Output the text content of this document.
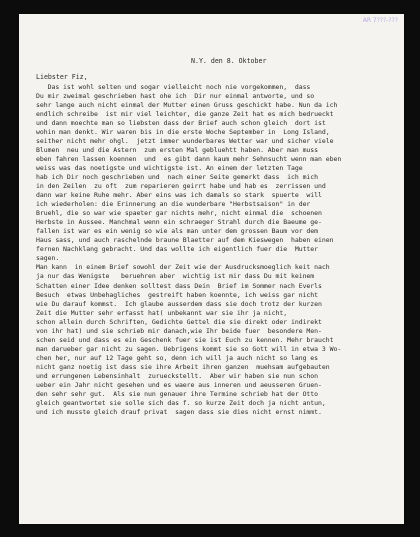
AR 7???-???
N.Y. den 8. Oktober
Liebster Fiz,
Das ist wohl selten und sogar vielleicht noch nie vorgekommen,  dass
Du mir zweimal geschrieben hast ohe ich  Dir nur einmal antworte, und so
sehr lange auch nicht einmal der Mutter einen Gruss geschickt habe. Nun da ich
endlich schreibe  ist mir viel leichter, die ganze Zeit hat es mich bedrueckt
und dann moechte man so liebsten dass der Brief auch schon gleich  dort ist
wohin man denkt. Wir waren bis in die erste Woche September in  Long Island,
seither nicht mehr ohgl.  jetzt immer wunderbares Wetter war und sicher viele
Blumen  neu und die Astern  zum ersten Mal gebluehtt haben. Aber man muss
eben fahren lassen koennen  und  es gibt dann kaum mehr Sehnsucht wenn man eben
weiss was das noetigste und wichtigste ist. An einem der letzten Tage
hab ich Dir noch geschrieben und  nach einer Seite gemerkt dass  ich mich
in den Zeilen  zu oft  zum reparieren geirrt habe und hab es  zerrissen und
dann war keine Ruhe mehr. Aber eins was ich damals so stark  spuerte  will
ich wiederholen: die Erinnerung an die wunderbare "Herbstsaison" in der
Bruehl, die so war wie spaeter gar nichts mehr, nicht einmal die  schoenen
Herbste in Aussee. Manchmal wenn ein schraeger Strahl durch die Baeume ge-
fallen ist war es ein wenig so wie als man unter dem grossen Baum vor dem
Haus sass, und auch raschelnde braune Blaetter auf dem Kieswegen  haben einen
fernen Nachklang gebracht. Und das wollte ich eigentlich fuer die  Mutter
sagen.
Man kann  in einem Brief sowohl der Zeit wie der Ausdrucksmoeglich keit nach
ja nur das Wenigste   beruehren aber  wichtig ist mir dass Du mit keinem
Schatten einer Idee denken solltest dass Dein  Brief im Sommer nach Everls
Besuch  etwas Unbehagliches  gestreift haben koennte, ich weiss gar nicht
wie Du darauf kommst.  Ich glaube ausserdem dass sie doch trotz der kurzen
Zeit die Mutter sehr erfasst hat( unbekannt war sie ihr ja nicht,
schon allein durch Schriften, Gedichte Gettel die sie direkt oder indirekt
von ihr hat) und sie schrieb mir danach,wie Ihr beide fuer  besondere Men-
schen seid und dass es ein Geschenk fuer sie ist Euch zu kennen. Mehr braucht
man darueber gar nicht zu sagen. Uebrigens kommt sie so Gott will in etwa 3 Wo-
chen her, nur auf 12 Tage geht so, denn ich will ja auch nicht so lang es
nicht ganz noetig ist dass sie ihre Arbeit ihren ganzen  muehsam aufgebauten
und errungenen Lebensinhalt  zurueckstellt.  Aber wir haben sie nun schon
ueber ein Jahr nicht gesehen und es waere aus inneren und aeusseren Gruen-
den sehr sehr gut.  Als sie nun genauer ihre Termine schrieb hat der Otto
gleich geantwortet sie solle sich das f. so kurze Zeit doch ja nicht antun,
und ich musste gleich drauf privat  sagen dass sie dies nicht ernst nimmt.
